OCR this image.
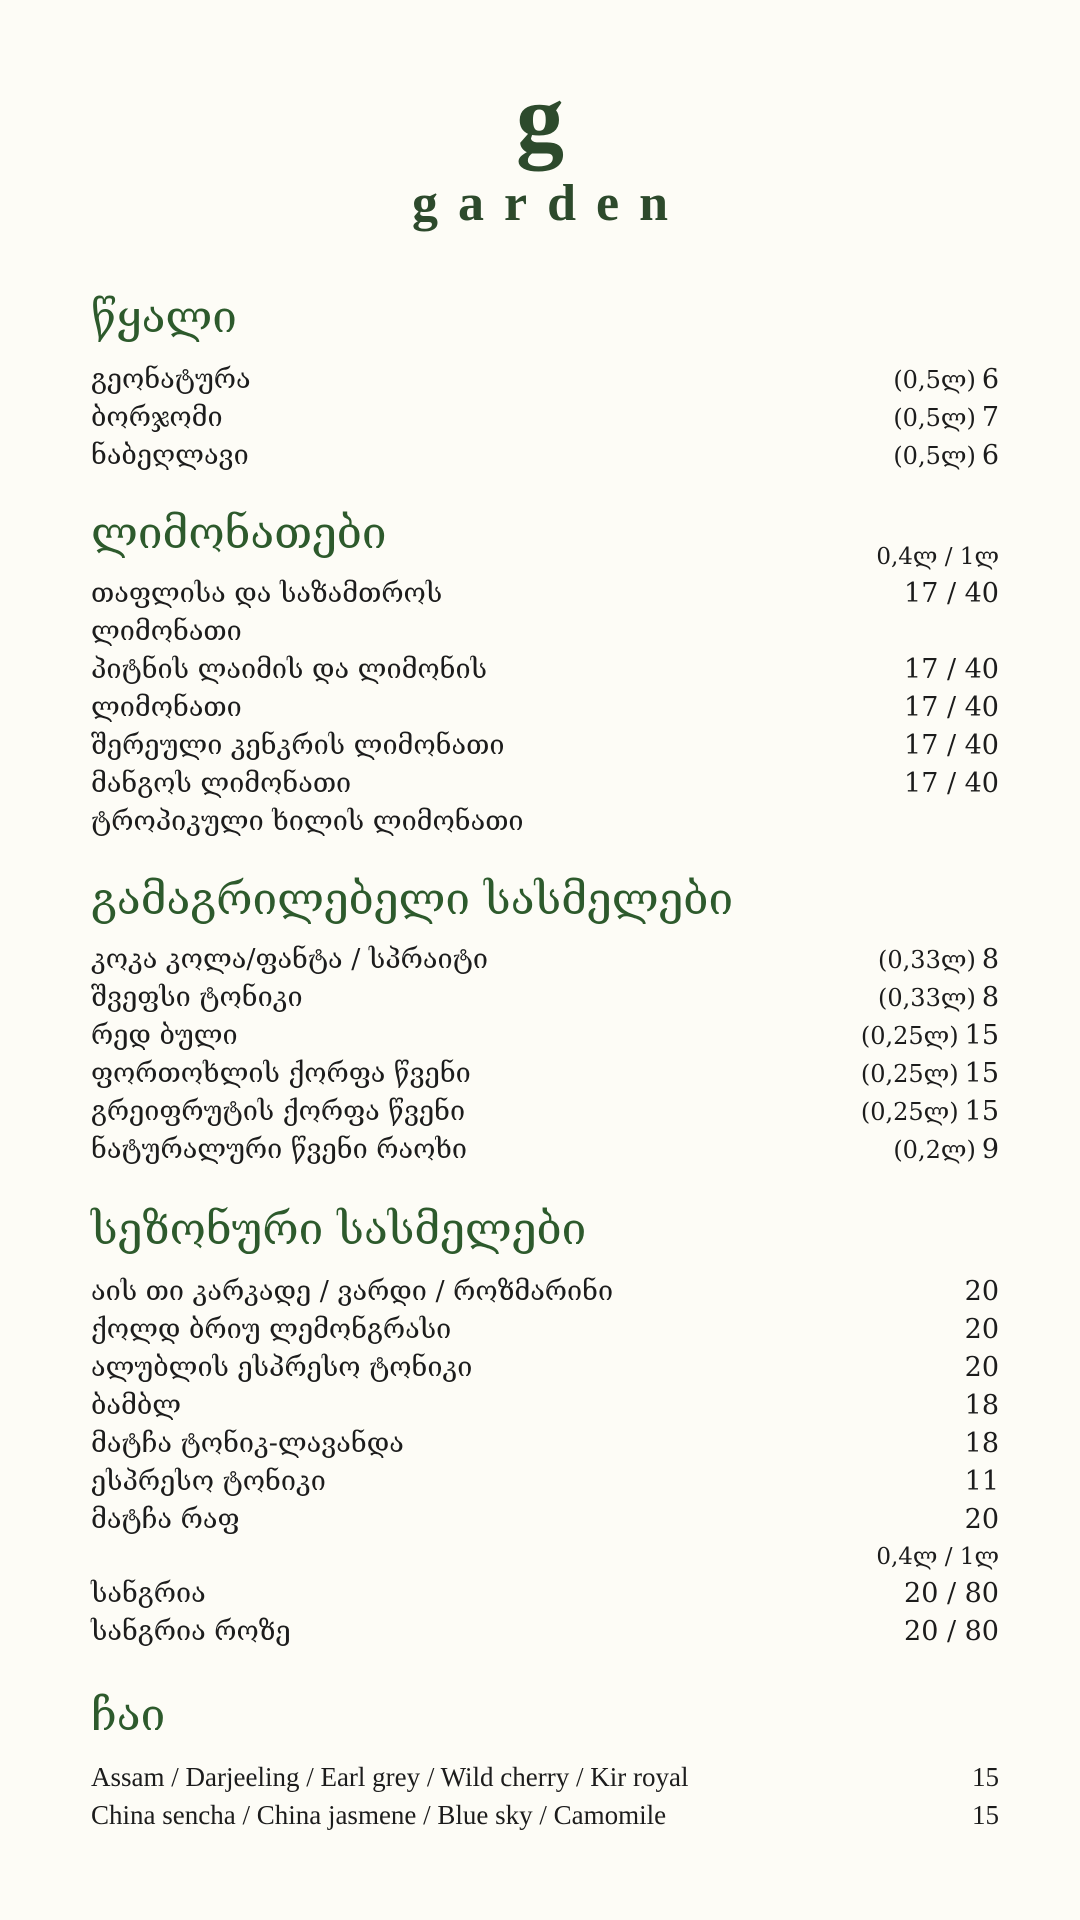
g
garden
წყალი
გეონატურა	(0,5ლ) 6
ბორჯომი	(0,5ლ) 7
ნაბეღლავი	(0,5ლ) 6
ლიმონათები	0,4ლ / 1ლ
თაფლისა და საზამთროს	17 / 40
ლიმონათი
პიტნის ლაიმის და ლიმონის	17 / 40
ლიმონათი	17 / 40
შერეული კენკრის ლიმონათი	17 / 40
მანგოს ლიმონათი	17 / 40
ტროპიკული ხილის ლიმონათი
გამაგრილებელი სასმელები
კოკა კოლა/ფანტა / სპრაიტი	(0,33ლ) 8
შვეფსი ტონიკი	(0,33ლ) 8
რედ ბული	(0,25ლ) 15
ფორთოხლის ქორფა წვენი	(0,25ლ) 15
გრეიფრუტის ქორფა წვენი	(0,25ლ) 15
ნატურალური წვენი რაოხი	(0,2ლ) 9
სეზონური სასმელები
აის თი კარკადე / ვარდი / როზმარინი	20
ქოლდ ბრიუ ლემონგრასი	20
ალუბლის ესპრესო ტონიკი	20
ბამბლ	18
მატჩა ტონიკ-ლავანდა	18
ესპრესო ტონიკი	11
მატჩა რაფ	20
0,4ლ / 1ლ
სანგრია	20 / 80
სანგრია როზე	20 / 80
ჩაი
Assam / Darjeeling / Earl grey / Wild cherry / Kir royal	15
China sencha / China jasmene / Blue sky / Camomile	15
